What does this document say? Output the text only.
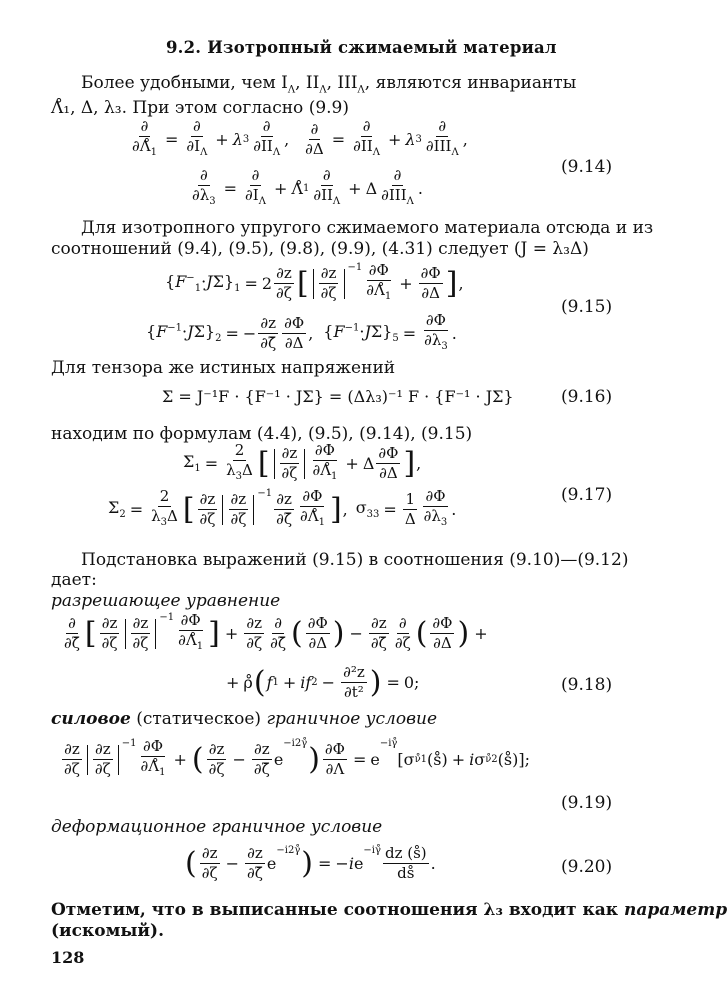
9.2. Изотропный сжимаемый материал
Более удобными, чем $I_\Lambda$, $II_\Lambda$, $III_\Lambda$, являются инварианты
Λ̊₁, Δ, λ₃. При этом согласно (9.9)
$\frac{\partial}{\partial\Lambdå_1} = \frac{\partial}{\partial I_\Lambda} + \lambda$ $3 \frac{\partial}{\partial II_\Lambda}$ , $\frac{\partial}{\partial\Delta} = \frac{\partial}{\partial II_\Lambda} + \lambda$ $3 \frac{\partial}{\partial III_\Lambda}$ ,
$\frac{\partial}{\partial\lambda_3} = \frac{\partial}{\partial I_\Lambda}$ + Λ̊ $1 \frac{\partial}{\partial II_\Lambda} + \Delta \frac{\partial}{\partial III_\Lambda}$ .
(9.14)
Для изотропного упругого сжимаемого материала отсюда и из
соотношений (9.4), (9.5), (9.8), (9.9), (4.31) следует (J = λ₃Δ)
$\{F^-_1\cdot J\Sigma\}_1 = 2 \frac{\partial z}{\partial\zeta}$ [ $\frac{\partial z}{\partial\zeta} ^{-1} \frac{\partial\Phi}{\partial\Lambdå_1} + \frac{\partial\Phi}{\partial\Delta}$ ] ,
$\{F^{-1}\cdot J\Sigma\}_2$ = − $\frac{\partial z}{\partial\zetā} \frac{\partial\Phi}{\partial\Delta}$ , $\{F^{-1}\cdot J\Sigma\}_5 = \frac{\partial\Phi}{\partial\lambda_3}$ .
(9.15)
Для тензора же истиных напряжений
Σ = J⁻¹F · {F⁻¹ · JΣ} = (Δλ₃)⁻¹ F · {F⁻¹ · JΣ}	(9.16)
находим по формулам (4.4), (9.5), (9.14), (9.15)
$\Sigma_1 = \frac{2}{\lambda_3\Delta}$ [ $\frac{\partial z}{\partial\zeta} \frac{\partial\Phi}{\partial\Lambdå_1} + \Delta \frac{\partial\Phi}{\partial\Delta}$ ] ,
$\Sigma_2 = \frac{2}{\lambda_3\Delta}$ [ $\frac{\partial z}{\partial\zeta} \frac{\partial z}{\partial\zeta} ^{-1} \frac{\partial z}{\partial\zetā} \frac{\partial\Phi}{\partial\Lambdå_1}$ ] , $\sigma_{33} = \frac{1}{\Delta} \frac{\partial\Phi}{\partial\lambda_3}$ .
(9.17)
Подстановка выражений (9.15) в соотношения (9.10)—(9.12)
дает:
разрешающее уравнение
$\frac{\partial}{\partial\zetā}$ [ $\frac{\partial z}{\partial\zeta} \frac{\partial z}{\partial\zeta} ^{-1} \frac{\partial\Phi}{\partial\Lambdå_1}$ ] + $\frac{\partial z}{\partial\zeta} \frac{\partial}{\partial\zetā}$ ( $\frac{\partial\Phi}{\partial\Delta}$ ) − $\frac{\partial z}{\partial\zetā} \frac{\partial}{\partial\zeta}$ ( $\frac{\partial\Phi}{\partial\Delta}$ ) +
+ ρ̊ ( f 1 + if $2 - \frac{\text{∂²z}}{\text{∂t²}}$ ) = 0;	(9.18)
силовое (статическое) граничное условие
$\frac{\partial z}{\partial\zeta} \frac{\partial z}{\partial\zeta} ^{-1} \frac{\partial\Phi}{\partial\Lambdå_1}$ + ( $\frac{\partial z}{\partial\zeta} - \frac{\partial z}{\partial\zetā}$ e
$^{-i2\gammå}$ ) $\frac{\partial\Phi}{\partial\Lambda} = e$
−iγ̊
[σ ν̊1 (s̊) + i σ ν̊2 (s̊)];
(9.19)
деформационное граничное условие
( $\frac{\partial z}{\partial\zeta} - \frac{\partial z}{\partial\zetā}$ e
$^{-i2\gammå}$ ) = − i e
$^{-i\gammå} \frac{dz (s̊)}{ds̊}$ .	(9.20)
Отметим, что в выписанные соотношения λ₃ входит как параметр
(искомый).
128
